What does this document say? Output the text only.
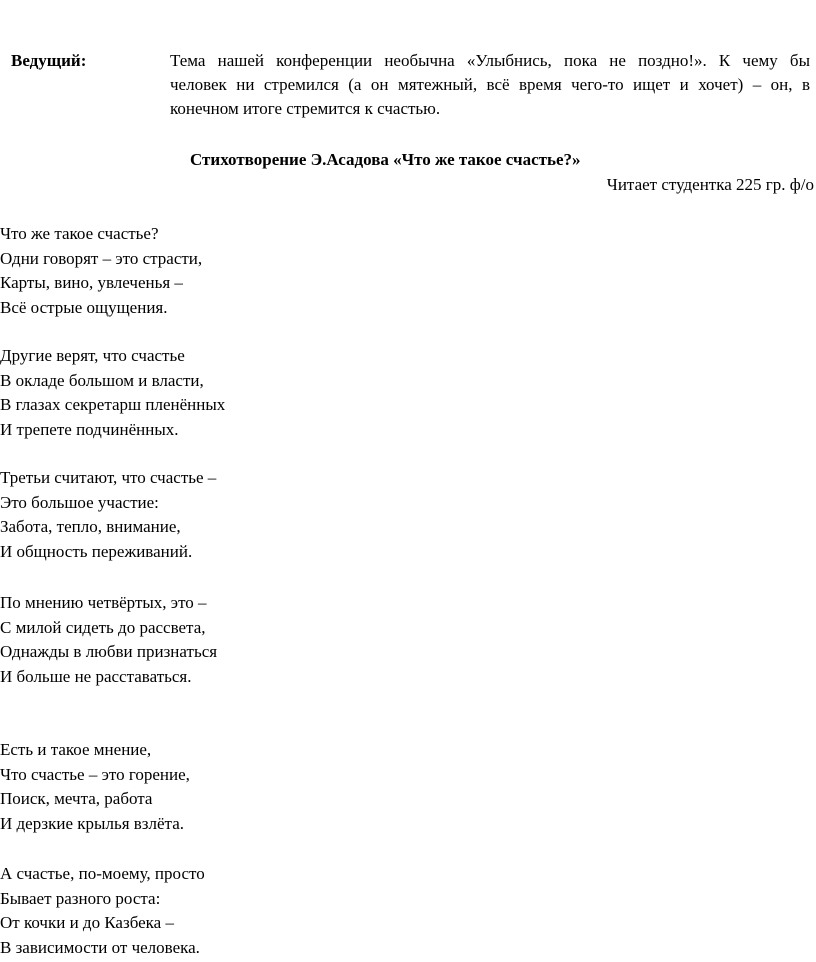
Ведущий:	Тема нашей конференции необычна «Улыбнись, пока не поздно!». К чему бы
человек ни стремился (а он мятежный, всё время чего-то ищет и хочет) – он, в
конечном итоге стремится к счастью.
Стихотворение Э.Асадова «Что же такое счастье?»
Читает студентка 225 гр. ф/о
Что же такое счастье?
Одни говорят – это страсти,
Карты, вино, увлеченья –
Всё острые ощущения.
Другие верят, что счастье
В окладе большом и власти,
В глазах секретарш пленённых
И трепете подчинённых.
Третьи считают, что счастье –
Это большое участие:
Забота, тепло, внимание,
И общность переживаний.
По мнению четвёртых, это –
С милой сидеть до рассвета,
Однажды в любви признаться
И больше не расставаться.
Есть и такое мнение,
Что счастье – это горение,
Поиск, мечта, работа
И дерзкие крылья взлёта.
А счастье, по-моему, просто
Бывает разного роста:
От кочки и до Казбека –
В зависимости от человека.
